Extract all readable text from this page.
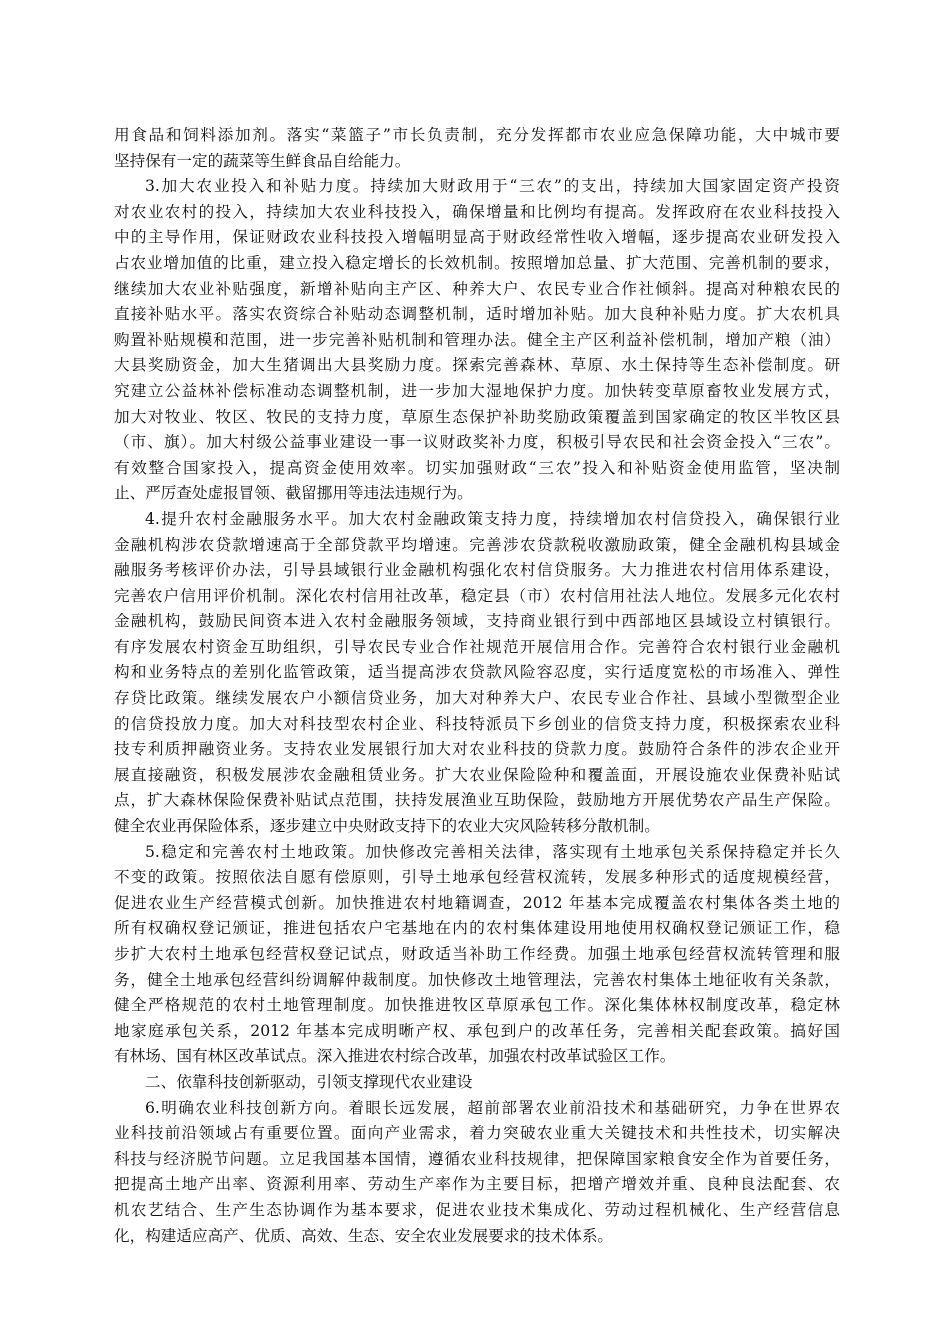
用食品和饲料添加剂。落实“菜篮子”市长负责制，充分发挥都市农业应急保障功能，大中城市要
坚持保有一定的蔬菜等生鲜食品自给能力。
3.加大农业投入和补贴力度。持续加大财政用于“三农”的支出，持续加大国家固定资产投资
对农业农村的投入，持续加大农业科技投入，确保增量和比例均有提高。发挥政府在农业科技投入
中的主导作用，保证财政农业科技投入增幅明显高于财政经常性收入增幅，逐步提高农业研发投入
占农业增加值的比重，建立投入稳定增长的长效机制。按照增加总量、扩大范围、完善机制的要求，
继续加大农业补贴强度，新增补贴向主产区、种养大户、农民专业合作社倾斜。提高对种粮农民的
直接补贴水平。落实农资综合补贴动态调整机制，适时增加补贴。加大良种补贴力度。扩大农机具
购置补贴规模和范围，进一步完善补贴机制和管理办法。健全主产区利益补偿机制，增加产粮（油）
大县奖励资金，加大生猪调出大县奖励力度。探索完善森林、草原、水土保持等生态补偿制度。研
究建立公益林补偿标准动态调整机制，进一步加大湿地保护力度。加快转变草原畜牧业发展方式，
加大对牧业、牧区、牧民的支持力度，草原生态保护补助奖励政策覆盖到国家确定的牧区半牧区县
（市、旗）。加大村级公益事业建设一事一议财政奖补力度，积极引导农民和社会资金投入“三农”。
有效整合国家投入，提高资金使用效率。切实加强财政“三农”投入和补贴资金使用监管，坚决制
止、严厉查处虚报冒领、截留挪用等违法违规行为。
4.提升农村金融服务水平。加大农村金融政策支持力度，持续增加农村信贷投入，确保银行业
金融机构涉农贷款增速高于全部贷款平均增速。完善涉农贷款税收激励政策，健全金融机构县域金
融服务考核评价办法，引导县域银行业金融机构强化农村信贷服务。大力推进农村信用体系建设，
完善农户信用评价机制。深化农村信用社改革，稳定县（市）农村信用社法人地位。发展多元化农村
金融机构，鼓励民间资本进入农村金融服务领域，支持商业银行到中西部地区县域设立村镇银行。
有序发展农村资金互助组织，引导农民专业合作社规范开展信用合作。完善符合农村银行业金融机
构和业务特点的差别化监管政策，适当提高涉农贷款风险容忍度，实行适度宽松的市场准入、弹性
存贷比政策。继续发展农户小额信贷业务，加大对种养大户、农民专业合作社、县域小型微型企业
的信贷投放力度。加大对科技型农村企业、科技特派员下乡创业的信贷支持力度，积极探索农业科
技专利质押融资业务。支持农业发展银行加大对农业科技的贷款力度。鼓励符合条件的涉农企业开
展直接融资，积极发展涉农金融租赁业务。扩大农业保险险种和覆盖面，开展设施农业保费补贴试
点，扩大森林保险保费补贴试点范围，扶持发展渔业互助保险，鼓励地方开展优势农产品生产保险。
健全农业再保险体系，逐步建立中央财政支持下的农业大灾风险转移分散机制。
5.稳定和完善农村土地政策。加快修改完善相关法律，落实现有土地承包关系保持稳定并长久
不变的政策。按照依法自愿有偿原则，引导土地承包经营权流转，发展多种形式的适度规模经营，
促进农业生产经营模式创新。加快推进农村地籍调查，2012 年基本完成覆盖农村集体各类土地的
所有权确权登记颁证，推进包括农户宅基地在内的农村集体建设用地使用权确权登记颁证工作，稳
步扩大农村土地承包经营权登记试点，财政适当补助工作经费。加强土地承包经营权流转管理和服
务，健全土地承包经营纠纷调解仲裁制度。加快修改土地管理法，完善农村集体土地征收有关条款，
健全严格规范的农村土地管理制度。加快推进牧区草原承包工作。深化集体林权制度改革，稳定林
地家庭承包关系，2012 年基本完成明晰产权、承包到户的改革任务，完善相关配套政策。搞好国
有林场、国有林区改革试点。深入推进农村综合改革，加强农村改革试验区工作。
二、依靠科技创新驱动，引领支撑现代农业建设
6.明确农业科技创新方向。着眼长远发展，超前部署农业前沿技术和基础研究，力争在世界农
业科技前沿领域占有重要位置。面向产业需求，着力突破农业重大关键技术和共性技术，切实解决
科技与经济脱节问题。立足我国基本国情，遵循农业科技规律，把保障国家粮食安全作为首要任务，
把提高土地产出率、资源利用率、劳动生产率作为主要目标，把增产增效并重、良种良法配套、农
机农艺结合、生产生态协调作为基本要求，促进农业技术集成化、劳动过程机械化、生产经营信息
化，构建适应高产、优质、高效、生态、安全农业发展要求的技术体系。
